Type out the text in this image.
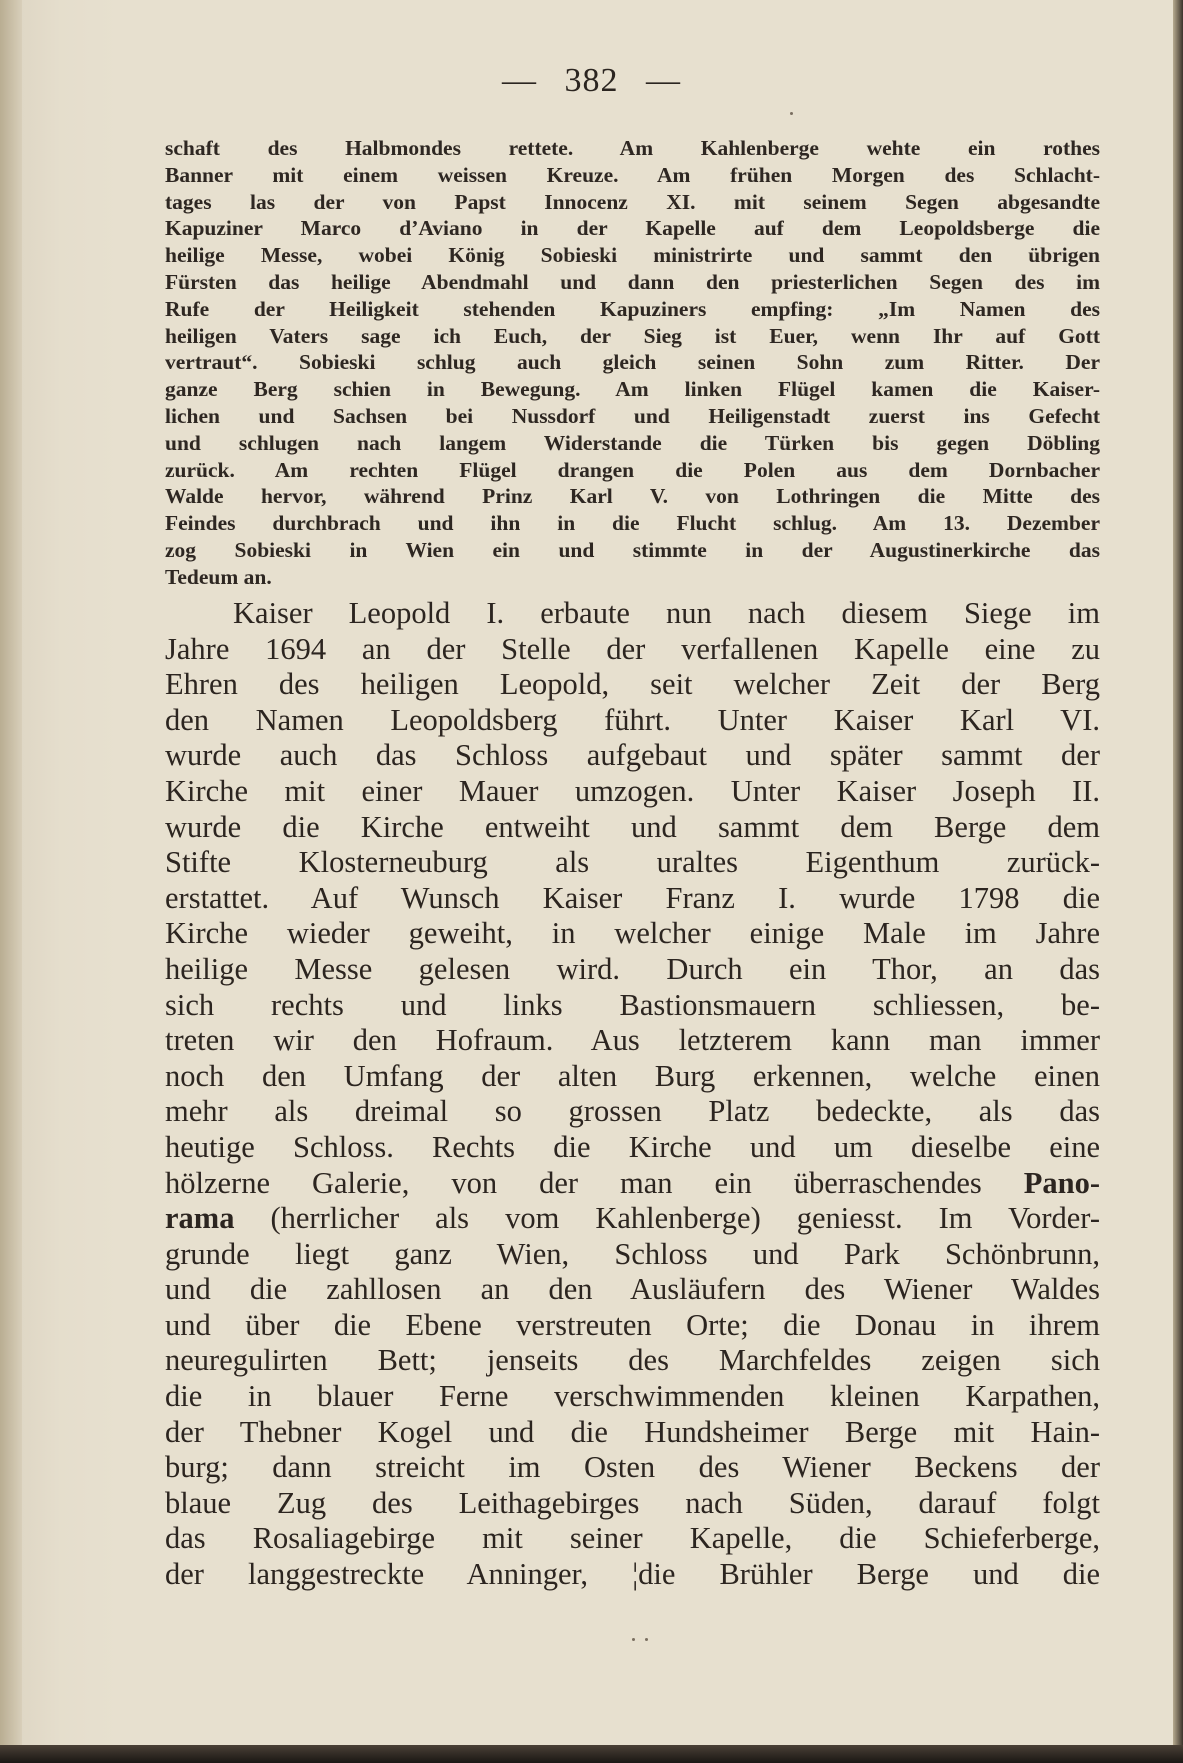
— 382 —
schaft des Halbmondes rettete. Am Kahlenberge wehte ein rothes
Banner mit einem weissen Kreuze. Am frühen Morgen des Schlacht-
tages las der von Papst Innocenz XI. mit seinem Segen abgesandte
Kapuziner Marco d’Aviano in der Kapelle auf dem Leopoldsberge die
heilige Messe, wobei König Sobieski ministrirte und sammt den übrigen
Fürsten das heilige Abendmahl und dann den priesterlichen Segen des im
Rufe der Heiligkeit stehenden Kapuziners empfing: „Im Namen des
heiligen Vaters sage ich Euch, der Sieg ist Euer, wenn Ihr auf Gott
vertraut“. Sobieski schlug auch gleich seinen Sohn zum Ritter. Der
ganze Berg schien in Bewegung. Am linken Flügel kamen die Kaiser-
lichen und Sachsen bei Nussdorf und Heiligenstadt zuerst ins Gefecht
und schlugen nach langem Widerstande die Türken bis gegen Döbling
zurück. Am rechten Flügel drangen die Polen aus dem Dornbacher
Walde hervor, während Prinz Karl V. von Lothringen die Mitte des
Feindes durchbrach und ihn in die Flucht schlug. Am 13. Dezember
zog Sobieski in Wien ein und stimmte in der Augustinerkirche das
Tedeum an.
Kaiser Leopold I. erbaute nun nach diesem Siege im
Jahre 1694 an der Stelle der verfallenen Kapelle eine zu
Ehren des heiligen Leopold, seit welcher Zeit der Berg
den Namen Leopoldsberg führt. Unter Kaiser Karl VI.
wurde auch das Schloss aufgebaut und später sammt der
Kirche mit einer Mauer umzogen. Unter Kaiser Joseph II.
wurde die Kirche entweiht und sammt dem Berge dem
Stifte Klosterneuburg als uraltes Eigenthum zurück-
erstattet. Auf Wunsch Kaiser Franz I. wurde 1798 die
Kirche wieder geweiht, in welcher einige Male im Jahre
heilige Messe gelesen wird. Durch ein Thor, an das
sich rechts und links Bastionsmauern schliessen, be-
treten wir den Hofraum. Aus letzterem kann man immer
noch den Umfang der alten Burg erkennen, welche einen
mehr als dreimal so grossen Platz bedeckte, als das
heutige Schloss. Rechts die Kirche und um dieselbe eine
hölzerne Galerie, von der man ein überraschendes Pano-
rama (herrlicher als vom Kahlenberge) geniesst. Im Vorder-
grunde liegt ganz Wien, Schloss und Park Schönbrunn,
und die zahllosen an den Ausläufern des Wiener Waldes
und über die Ebene verstreuten Orte; die Donau in ihrem
neuregulirten Bett; jenseits des Marchfeldes zeigen sich
die in blauer Ferne verschwimmenden kleinen Karpathen,
der Thebner Kogel und die Hundsheimer Berge mit Hain-
burg; dann streicht im Osten des Wiener Beckens der
blaue Zug des Leithagebirges nach Süden, darauf folgt
das Rosaliagebirge mit seiner Kapelle, die Schieferberge,
der langgestreckte Anninger, ¦die Brühler Berge und die
